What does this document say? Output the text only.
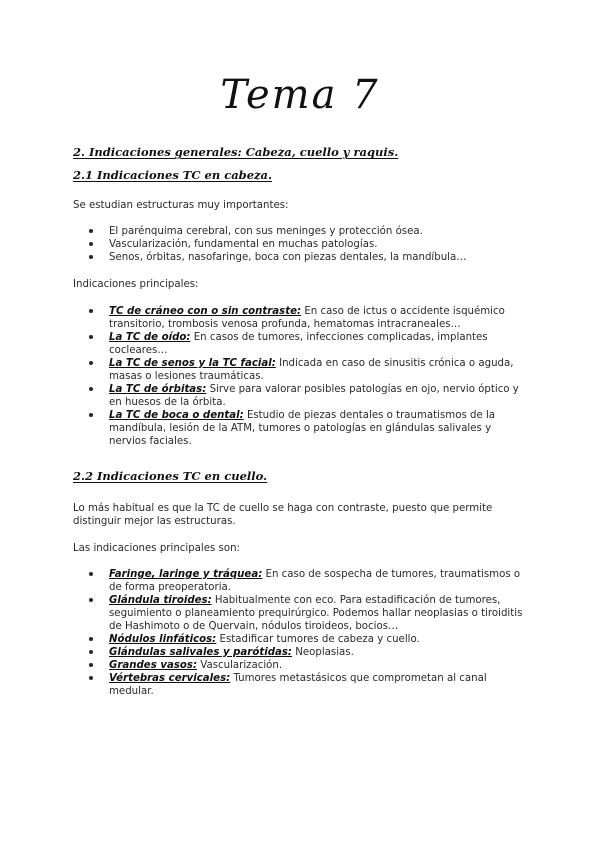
Tema 7
2. Indicaciones generales: Cabeza, cuello y raquis.
2.1 Indicaciones TC en cabeza.
Se estudian estructuras muy importantes:
El parénquima cerebral, con sus meninges y protección ósea.
Vascularización, fundamental en muchas patologías.
Senos, órbitas, nasofaringe, boca con piezas dentales, la mandíbula…
Indicaciones principales:
TC de cráneo con o sin contraste: En caso de ictus o accidente isquémico transitorio, trombosis venosa profunda, hematomas intracraneales…
La TC de oído: En casos de tumores, infecciones complicadas, implantes cocleares…
La TC de senos y la TC facial: Indicada en caso de sinusitis crónica o aguda, masas o lesiones traumáticas.
La TC de órbitas: Sirve para valorar posibles patologías en ojo, nervio óptico y en huesos de la órbita.
La TC de boca o dental: Estudio de piezas dentales o traumatismos de la mandíbula, lesión de la ATM, tumores o patologías en glándulas salivales y nervios faciales.
2.2 Indicaciones TC en cuello.
Lo más habitual es que la TC de cuello se haga con contraste, puesto que permite distinguir mejor las estructuras.
Las indicaciones principales son:
Faringe, laringe y tráquea: En caso de sospecha de tumores, traumatismos o de forma preoperatoria.
Glándula tiroides: Habitualmente con eco. Para estadificación de tumores, seguimiento o planeamiento prequirúrgico. Podemos hallar neoplasias o tiroiditis de Hashimoto o de Quervain, nódulos tiroideos, bocios…
Nódulos linfáticos: Estadificar tumores de cabeza y cuello.
Glándulas salivales y parótidas: Neoplasias.
Grandes vasos: Vascularización.
Vértebras cervicales: Tumores metastásicos que comprometan al canal medular.
